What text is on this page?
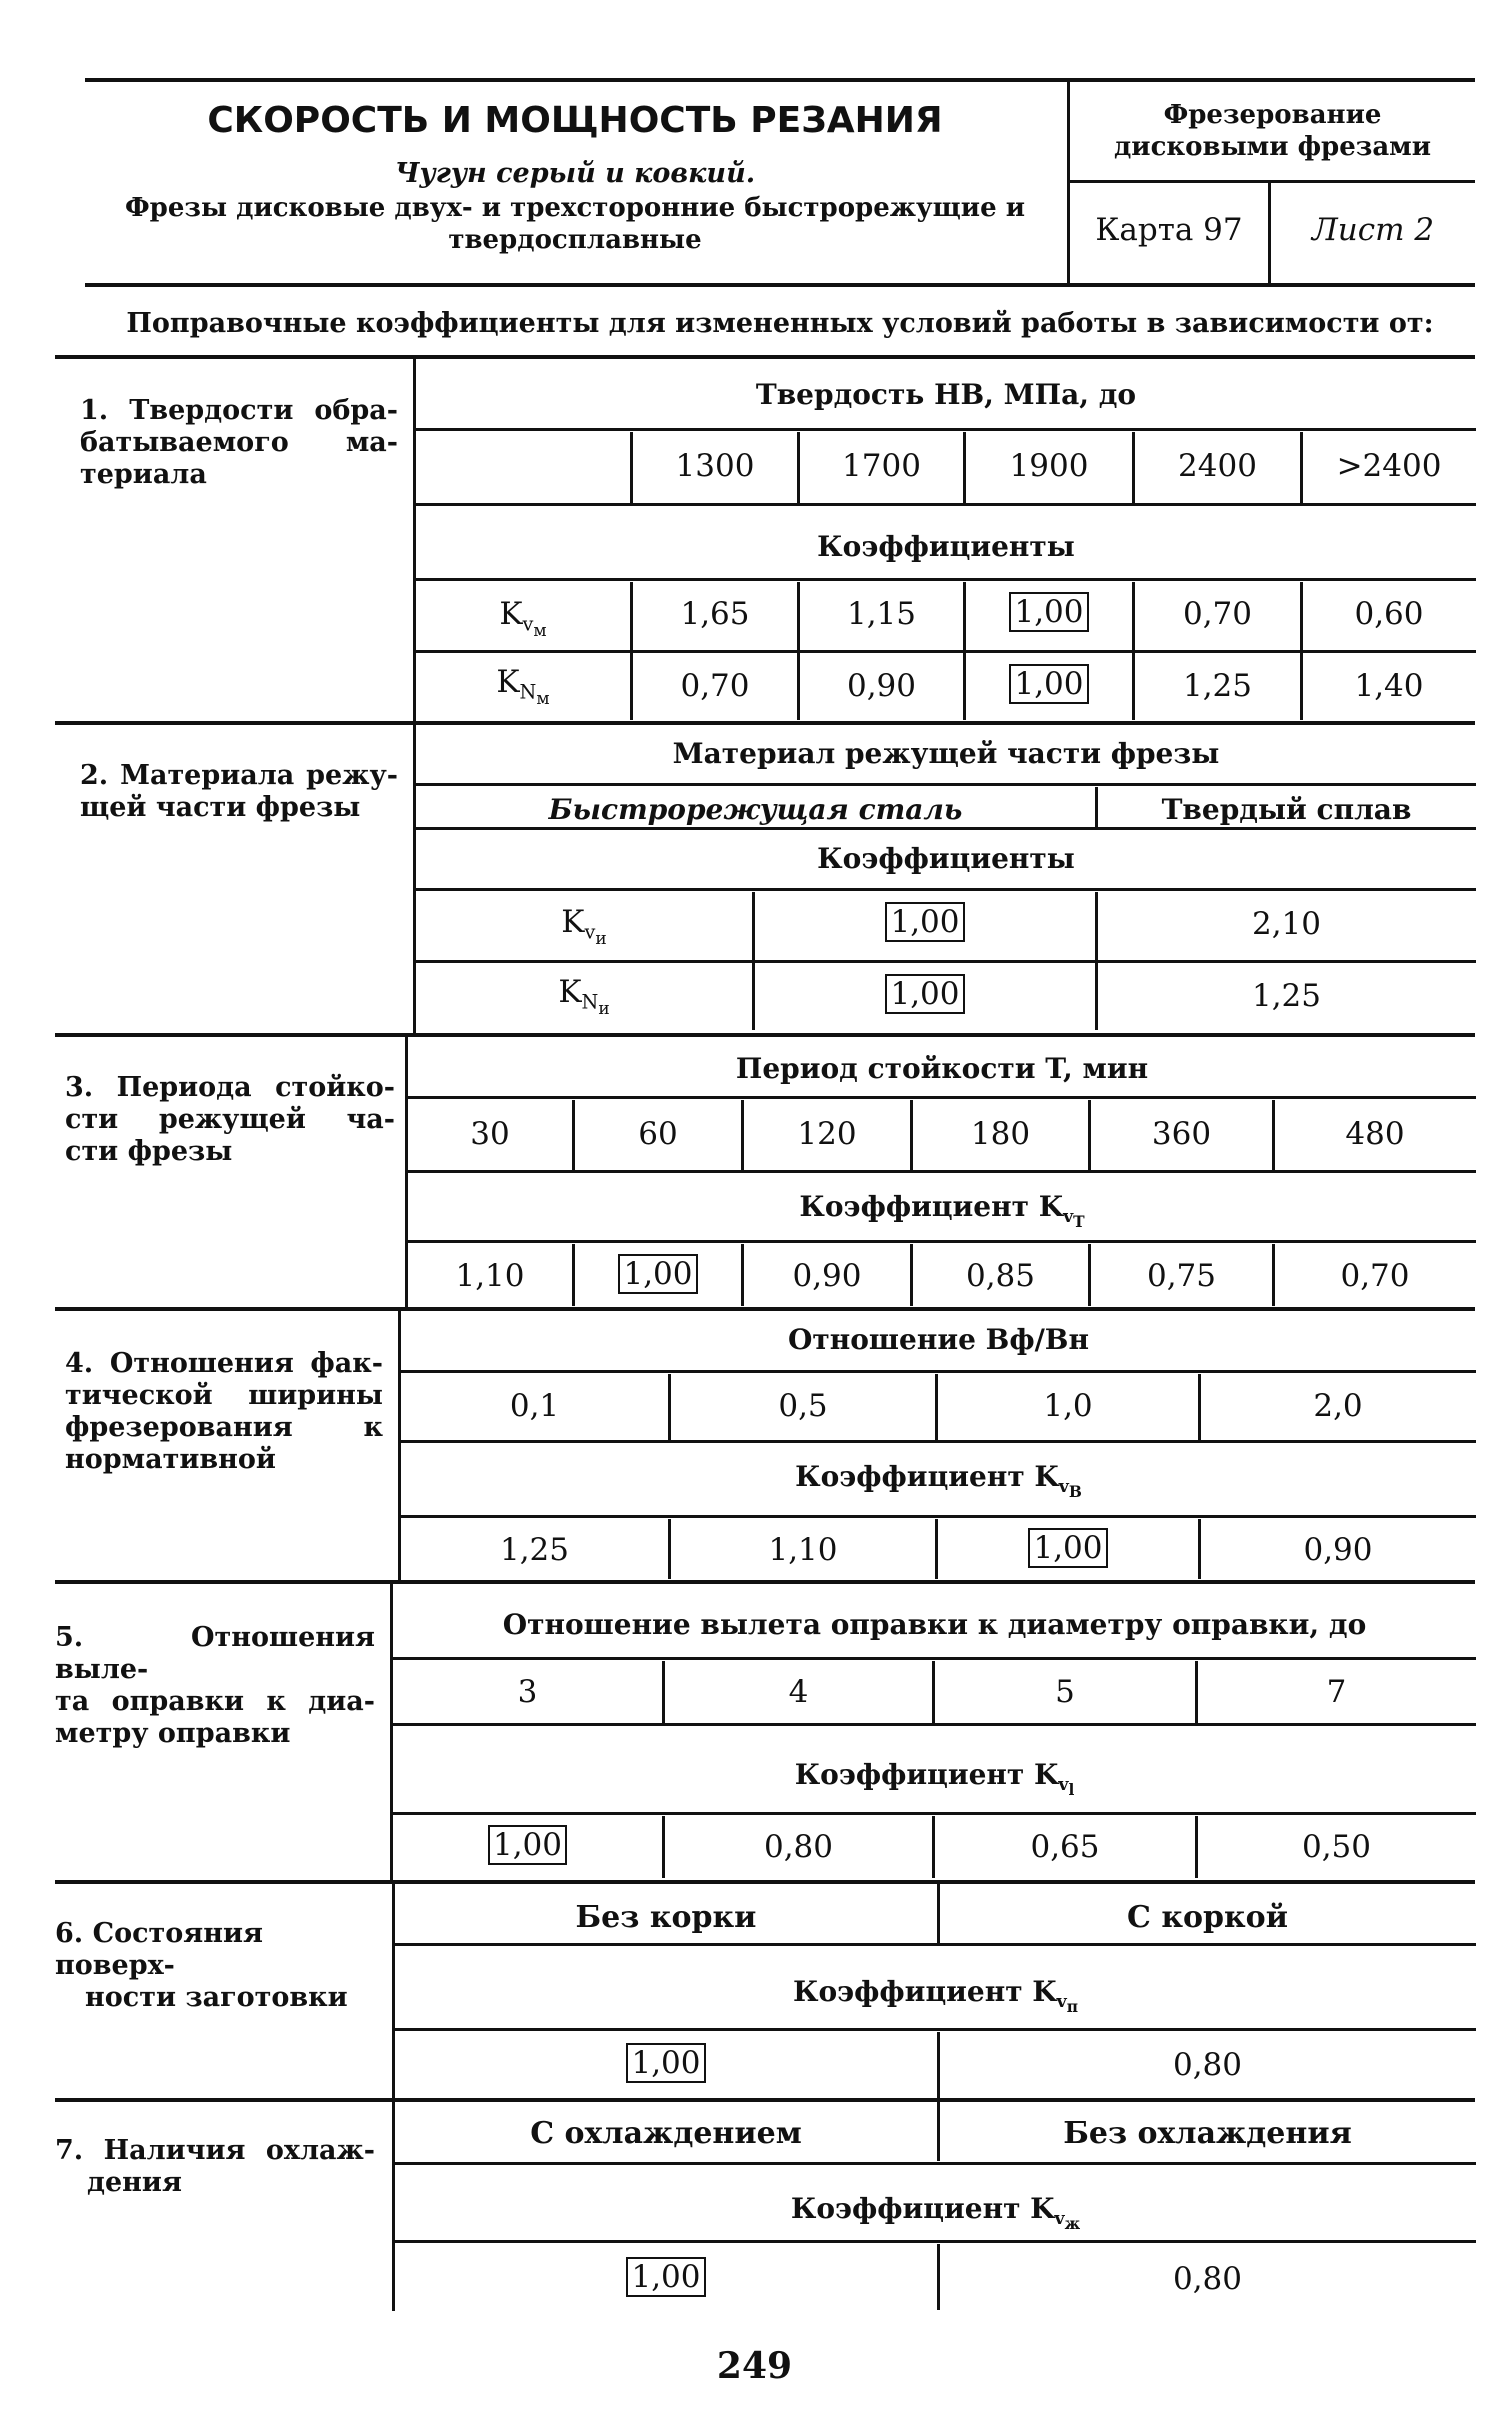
СКОРОСТЬ И МОЩНОСТЬ РЕЗАНИЯ
Чугун серый и ковкий.
Фрезы дисковые двух- и трехсторонние быстрорежущие и
твердосплавные
Фрезерование
дисковыми фрезами
Карта 97	Лист 2
Поправочные коэффициенты для измененных условий работы в зависимости от:
1. Твердости обра-
батываемого ма-
териала
Твердость HB, МПа, до
1300	1700	1900	2400	>2400
Коэффициенты
$K_{vм}$	1,65	1,15	1,00	0,70	0,60
$K_{Nм}$	0,70	0,90	1,00	1,25	1,40
2. Материала режу-
щей части фрезы
Материал режущей части фрезы
Быстрорежущая сталь	Твердый сплав
Коэффициенты
$K_{vи}$	1,00	2,10
$K_{Nи}$	1,00	1,25
3. Периода стойко-
сти режущей ча-
сти фрезы
Период стойкости T, мин
30	60	120	180	360	480
Коэффициент $K_{vT}$
1,10	1,00	0,90	0,85	0,75	0,70
4. Отношения фак-
тической ширины
фрезерования к
нормативной
Отношение Bф/Bн
0,1	0,5	1,0	2,0
Коэффициент $K_{vB}$
1,25	1,10	1,00	0,90
5. Отношения выле-
та оправки к диа-
метру оправки
Отношение вылета оправки к диаметру оправки, до
3	4	5	7
Коэффициент $K_{vl}$
1,00	0,80	0,65	0,50
6. Состояния поверх-
ности заготовки
Без корки	С коркой
Коэффициент $K_{vп}$
1,00	0,80
7. Наличия охлаж-
дения
С охлаждением	Без охлаждения
Коэффициент $K_{vж}$
1,00	0,80
249
